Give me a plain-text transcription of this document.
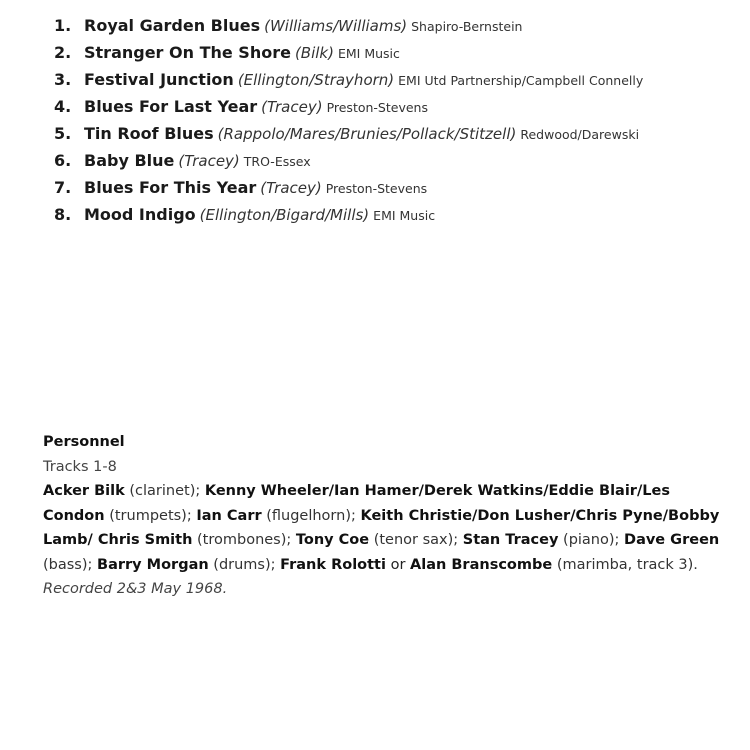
1. Royal Garden Blues (Williams/Williams) Shapiro-Bernstein
2. Stranger On The Shore (Bilk) EMI Music
3. Festival Junction (Ellington/Strayhorn) EMI Utd Partnership/Campbell Connelly
4. Blues For Last Year (Tracey) Preston-Stevens
5. Tin Roof Blues (Rappolo/Mares/Brunies/Pollack/Stitzell) Redwood/Darewski
6. Baby Blue (Tracey) TRO-Essex
7. Blues For This Year (Tracey) Preston-Stevens
8. Mood Indigo (Ellington/Bigard/Mills) EMI Music
Personnel
Tracks 1-8
Acker Bilk (clarinet); Kenny Wheeler/Ian Hamer/Derek Watkins/Eddie Blair/Les Condon (trumpets); Ian Carr (flugelhorn); Keith Christie/Don Lusher/Chris Pyne/Bobby Lamb/ Chris Smith (trombones); Tony Coe (tenor sax); Stan Tracey (piano); Dave Green (bass); Barry Morgan (drums); Frank Rolotti or Alan Branscombe (marimba, track 3).
Recorded 2&3 May 1968.
